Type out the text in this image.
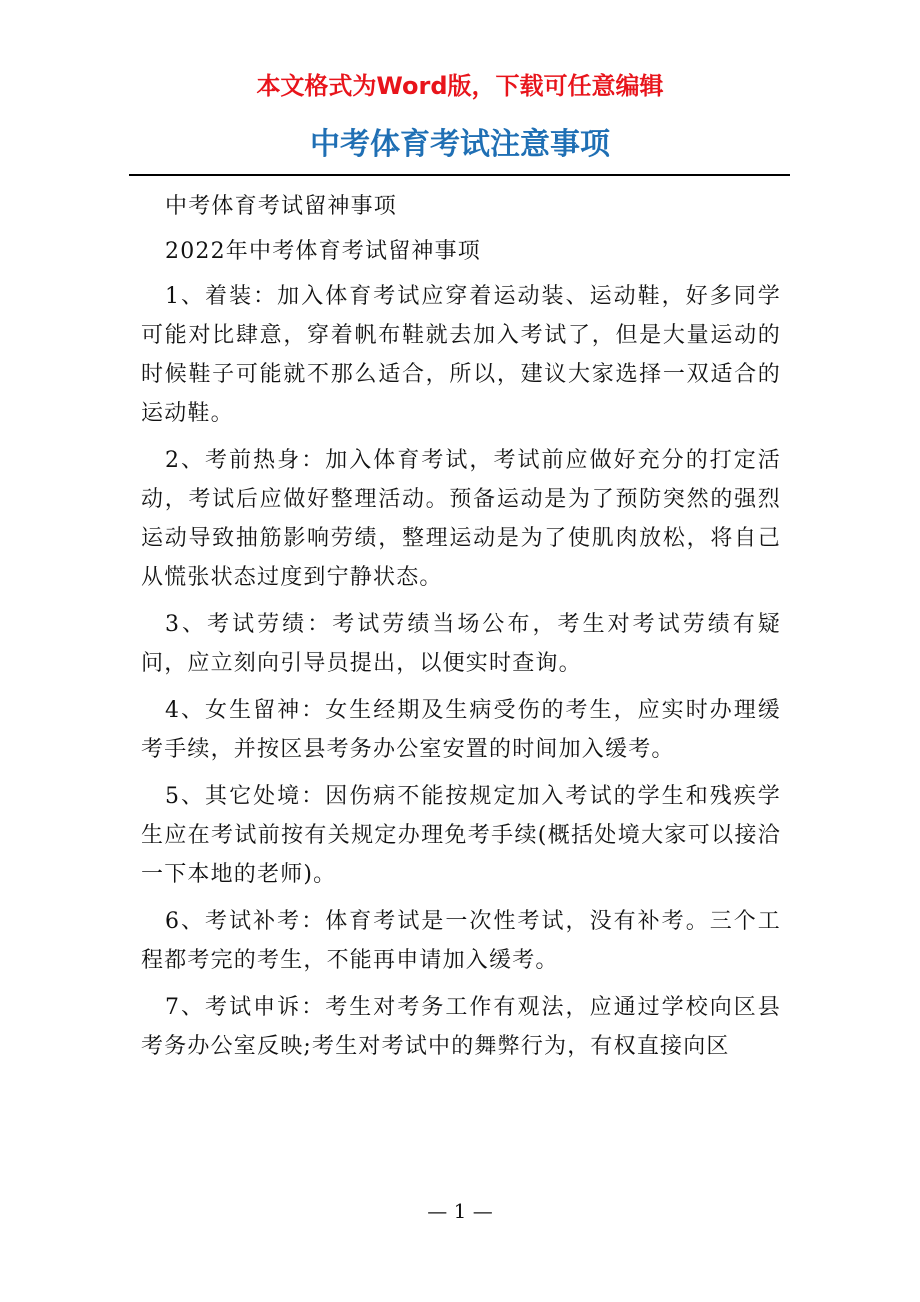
本文格式为Word版，下载可任意编辑
中考体育考试注意事项

中考体育考试留神事项

2022年中考体育考试留神事项

1、着装：加入体育考试应穿着运动装、运动鞋，好多同学可能对比肆意，穿着帆布鞋就去加入考试了，但是大量运动的时候鞋子可能就不那么适合，所以，建议大家选择一双适合的运动鞋。

2、考前热身：加入体育考试，考试前应做好充分的打定活动，考试后应做好整理活动。预备运动是为了预防突然的强烈运动导致抽筋影响劳绩，整理运动是为了使肌肉放松，将自己从慌张状态过度到宁静状态。

3、考试劳绩：考试劳绩当场公布，考生对考试劳绩有疑问，应立刻向引导员提出，以便实时查询。

4、女生留神：女生经期及生病受伤的考生，应实时办理缓考手续，并按区县考务办公室安置的时间加入缓考。

5、其它处境：因伤病不能按规定加入考试的学生和残疾学生应在考试前按有关规定办理免考手续(概括处境大家可以接洽一下本地的老师)。

6、考试补考：体育考试是一次性考试，没有补考。三个工程都考完的考生，不能再申请加入缓考。

7、考试申诉：考生对考务工作有观法，应通过学校向区县考务办公室反映;考生对考试中的舞弊行为，有权直接向区

— 1 —
